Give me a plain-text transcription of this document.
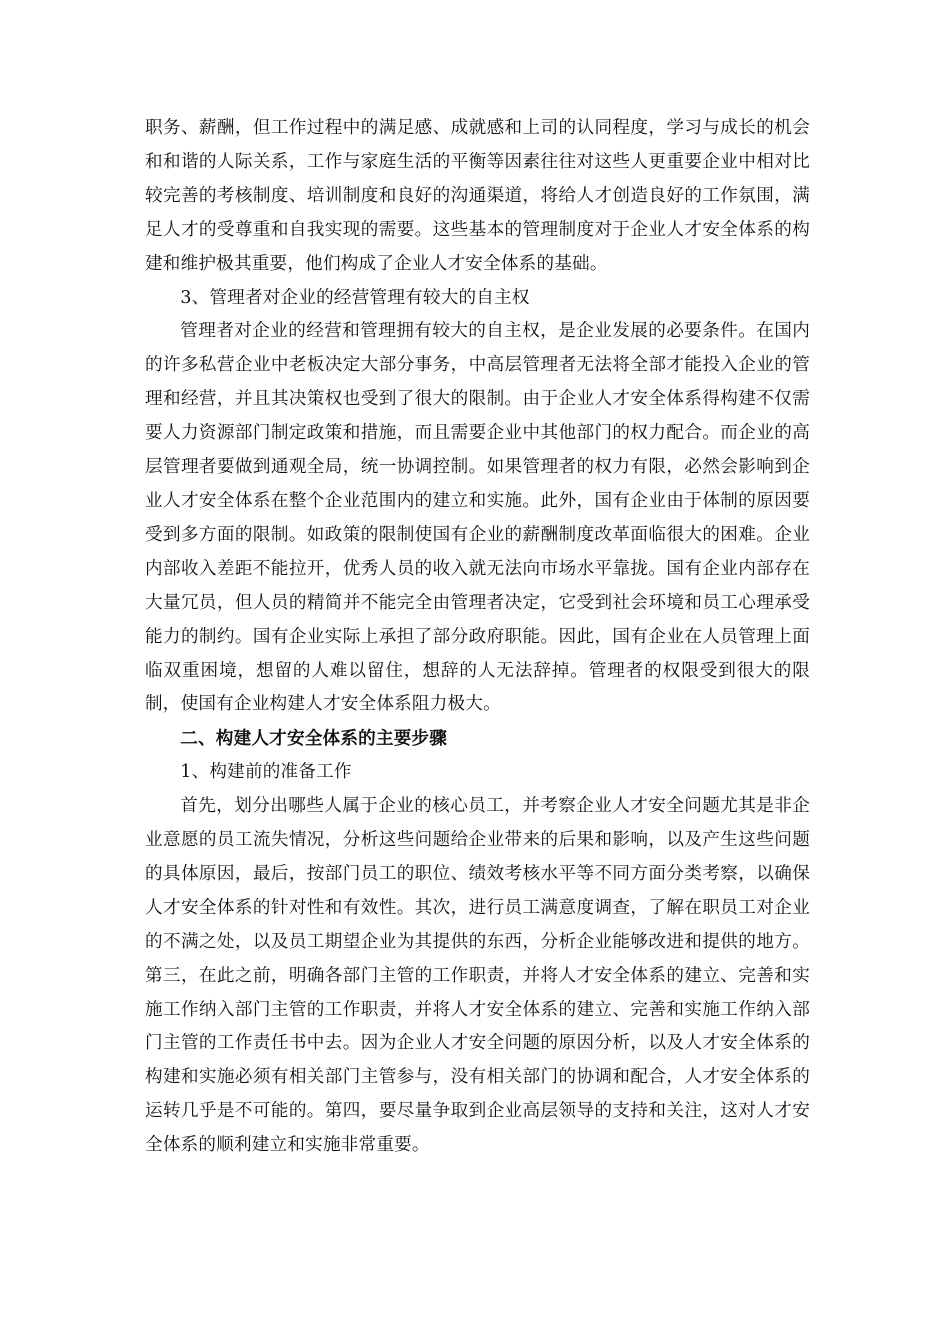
职务、薪酬，但工作过程中的满足感、成就感和上司的认同程度，学习与成长的机会和和谐的人际关系，工作与家庭生活的平衡等因素往往对这些人更重要企业中相对比较完善的考核制度、培训制度和良好的沟通渠道，将给人才创造良好的工作氛围，满足人才的受尊重和自我实现的需要。这些基本的管理制度对于企业人才安全体系的构建和维护极其重要，他们构成了企业人才安全体系的基础。

3、管理者对企业的经营管理有较大的自主权

管理者对企业的经营和管理拥有较大的自主权，是企业发展的必要条件。在国内的许多私营企业中老板决定大部分事务，中高层管理者无法将全部才能投入企业的管理和经营，并且其决策权也受到了很大的限制。由于企业人才安全体系得构建不仅需要人力资源部门制定政策和措施，而且需要企业中其他部门的权力配合。而企业的高层管理者要做到通观全局，统一协调控制。如果管理者的权力有限，必然会影响到企业人才安全体系在整个企业范围内的建立和实施。此外，国有企业由于体制的原因要受到多方面的限制。如政策的限制使国有企业的薪酬制度改革面临很大的困难。企业内部收入差距不能拉开，优秀人员的收入就无法向市场水平靠拢。国有企业内部存在大量冗员，但人员的精简并不能完全由管理者决定，它受到社会环境和员工心理承受能力的制约。国有企业实际上承担了部分政府职能。因此，国有企业在人员管理上面临双重困境，想留的人难以留住，想辞的人无法辞掉。管理者的权限受到很大的限制，使国有企业构建人才安全体系阻力极大。

二、构建人才安全体系的主要步骤

1、构建前的准备工作

首先，划分出哪些人属于企业的核心员工，并考察企业人才安全问题尤其是非企业意愿的员工流失情况，分析这些问题给企业带来的后果和影响，以及产生这些问题的具体原因，最后，按部门员工的职位、绩效考核水平等不同方面分类考察，以确保人才安全体系的针对性和有效性。其次，进行员工满意度调查，了解在职员工对企业的不满之处，以及员工期望企业为其提供的东西，分析企业能够改进和提供的地方。第三，在此之前，明确各部门主管的工作职责，并将人才安全体系的建立、完善和实施工作纳入部门主管的工作职责，并将人才安全体系的建立、完善和实施工作纳入部门主管的工作责任书中去。因为企业人才安全问题的原因分析，以及人才安全体系的构建和实施必须有相关部门主管参与，没有相关部门的协调和配合，人才安全体系的运转几乎是不可能的。第四，要尽量争取到企业高层领导的支持和关注，这对人才安全体系的顺利建立和实施非常重要。
